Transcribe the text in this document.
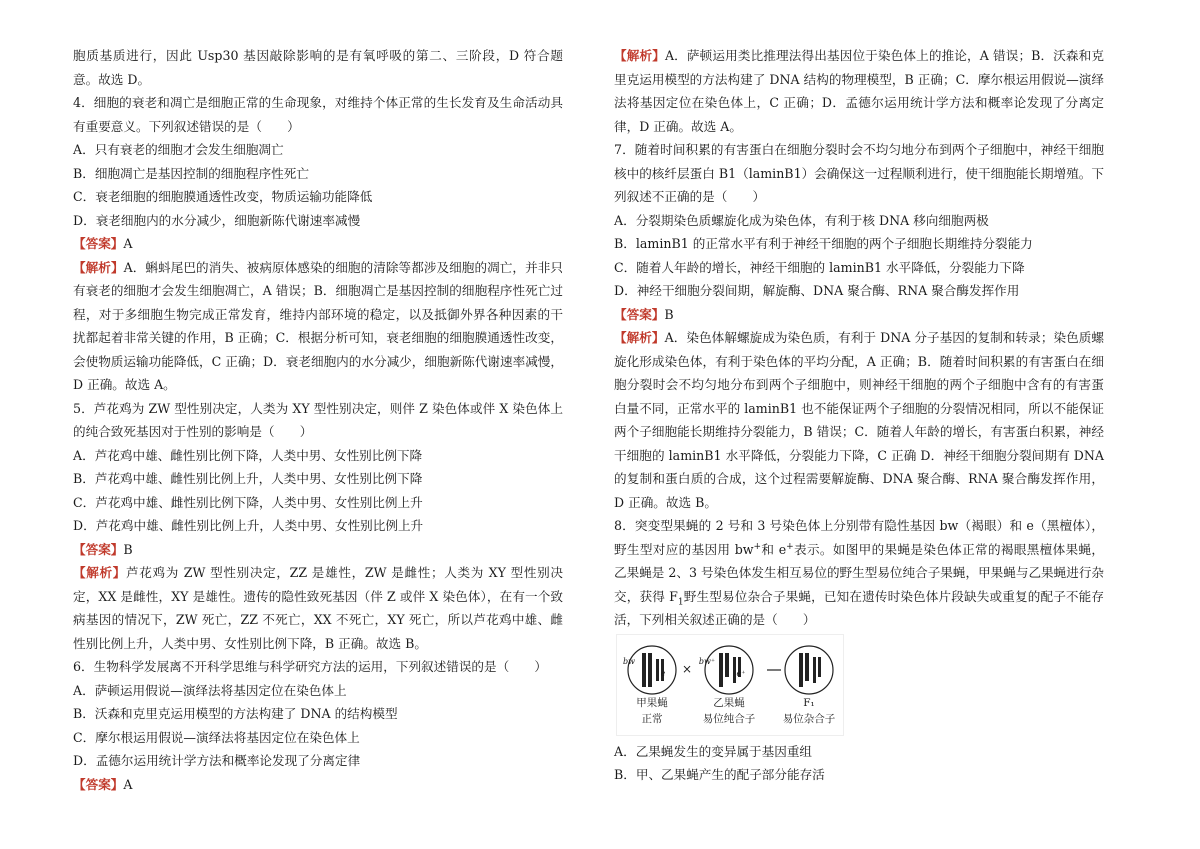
胞质基质进行，因此 Usp30 基因敲除影响的是有氧呼吸的第二、三阶段，D 符合题意。故选 D。

4．细胞的衰老和凋亡是细胞正常的生命现象，对维持个体正常的生长发育及生命活动具有重要意义。下列叙述错误的是（　　）

A．只有衰老的细胞才会发生细胞凋亡

B．细胞凋亡是基因控制的细胞程序性死亡

C．衰老细胞的细胞膜通透性改变，物质运输功能降低

D．衰老细胞内的水分减少，细胞新陈代谢速率减慢

【答案】A

【解析】A．蝌蚪尾巴的消失、被病原体感染的细胞的清除等都涉及细胞的凋亡，并非只有衰老的细胞才会发生细胞凋亡，A 错误；B．细胞凋亡是基因控制的细胞程序性死亡过程，对于多细胞生物完成正常发育，维持内部环境的稳定，以及抵御外界各种因素的干扰都起着非常关键的作用，B 正确；C．根据分析可知，衰老细胞的细胞膜通透性改变，会使物质运输功能降低，C 正确；D．衰老细胞内的水分减少，细胞新陈代谢速率减慢，D 正确。故选 A。

5．芦花鸡为 ZW 型性别决定，人类为 XY 型性别决定，则伴 Z 染色体或伴 X 染色体上的纯合致死基因对于性别的影响是（　　）

A．芦花鸡中雄、雌性别比例下降，人类中男、女性别比例下降

B．芦花鸡中雄、雌性别比例上升，人类中男、女性别比例下降

C．芦花鸡中雄、雌性别比例下降，人类中男、女性别比例上升

D．芦花鸡中雄、雌性别比例上升，人类中男、女性别比例上升

【答案】B

【解析】芦花鸡为 ZW 型性别决定，ZZ 是雄性，ZW 是雌性；人类为 XY 型性别决定，XX 是雌性，XY 是雄性。遗传的隐性致死基因（伴 Z 或伴 X 染色体），在有一个致病基因的情况下，ZW 死亡，ZZ 不死亡，XX 不死亡，XY 死亡，所以芦花鸡中雄、雌性别比例上升，人类中男、女性别比例下降，B 正确。故选 B。

6．生物科学发展离不开科学思维与科学研究方法的运用，下列叙述错误的是（　　）

A．萨顿运用假说—演绎法将基因定位在染色体上

B．沃森和克里克运用模型的方法构建了 DNA 的结构模型

C．摩尔根运用假说—演绎法将基因定位在染色体上

D．孟德尔运用统计学方法和概率论发现了分离定律

【答案】A

【解析】A．萨顿运用类比推理法得出基因位于染色体上的推论，A 错误；B．沃森和克里克运用模型的方法构建了 DNA 结构的物理模型，B 正确；C．摩尔根运用假说—演绎法将基因定位在染色体上，C 正确；D．孟德尔运用统计学方法和概率论发现了分离定律，D 正确。故选 A。

7．随着时间积累的有害蛋白在细胞分裂时会不均匀地分布到两个子细胞中，神经干细胞核中的核纤层蛋白 B1（laminB1）会确保这一过程顺利进行，使干细胞能长期增殖。下列叙述不正确的是（　　）

A．分裂期染色质螺旋化成为染色体，有利于核 DNA 移向细胞两极

B．laminB1 的正常水平有利于神经干细胞的两个子细胞长期维持分裂能力

C．随着人年龄的增长，神经干细胞的 laminB1 水平降低，分裂能力下降

D．神经干细胞分裂间期，解旋酶、DNA 聚合酶、RNA 聚合酶发挥作用

【答案】B

【解析】A．染色体解螺旋成为染色质，有利于 DNA 分子基因的复制和转录；染色质螺旋化形成染色体，有利于染色体的平均分配，A 正确；B．随着时间积累的有害蛋白在细胞分裂时会不均匀地分布到两个子细胞中，则神经干细胞的两个子细胞中含有的有害蛋白量不同，正常水平的 laminB1 也不能保证两个子细胞的分裂情况相同，所以不能保证两个子细胞能长期维持分裂能力，B 错误；C．随着人年龄的增长，有害蛋白积累，神经干细胞的 laminB1 水平降低，分裂能力下降，C 正确 D．神经干细胞分裂间期有 DNA 的复制和蛋白质的合成，这个过程需要解旋酶、DNA 聚合酶、RNA 聚合酶发挥作用，D 正确。故选 B。

8．突变型果蝇的 2 号和 3 号染色体上分别带有隐性基因 bw（褐眼）和 e（黑檀体），野生型对应的基因用 bw+和 e+表示。如图甲的果蝇是染色体正常的褐眼黑檀体果蝇，乙果蝇是 2、3 号染色体发生相互易位的野生型易位纯合子果蝇，甲果蝇与乙果蝇进行杂交，获得 $F_1$野生型易位杂合子果蝇，已知在遗传时染色体片段缺失或重复的配子不能存活，下列相关叙述正确的是（　　）

×
bw
e
bw⁺
e⁺
甲果蝇
正常
乙果蝇
易位纯合子
F₁
易位杂合子

A．乙果蝇发生的变异属于基因重组

B．甲、乙果蝇产生的配子部分能存活
